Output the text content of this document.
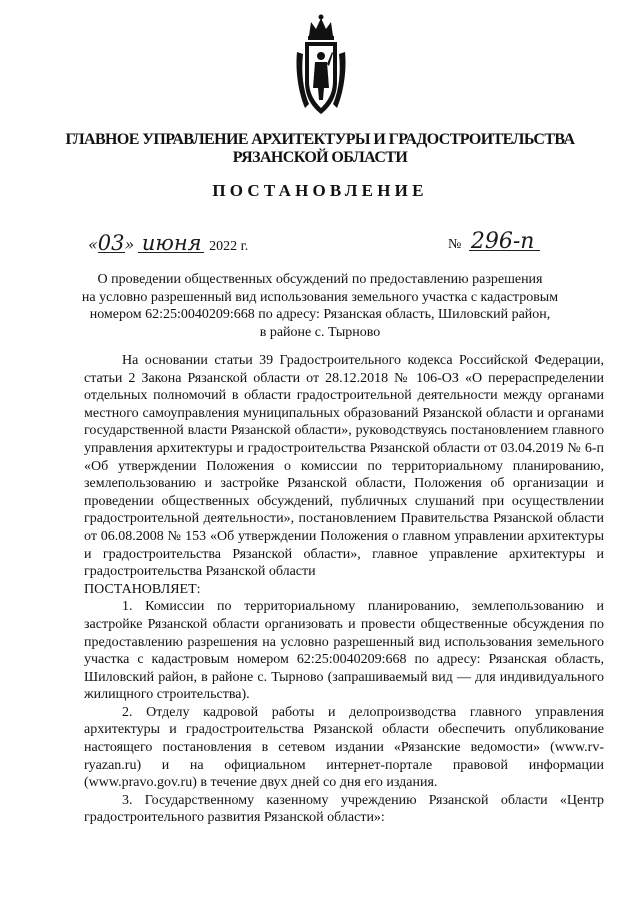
ГЛАВНОЕ УПРАВЛЕНИЕ АРХИТЕКТУРЫ И ГРАДОСТРОИТЕЛЬСТВА
РЯЗАНСКОЙ ОБЛАСТИ
ПОСТАНОВЛЕНИЕ
«03» июня 2022 г.	№ 296-п
О проведении общественных обсуждений по предоставлению разрешения
на условно разрешенный вид использования земельного участка с кадастровым
номером 62:25:0040209:668 по адресу: Рязанская область, Шиловский район,
в районе с. Тырново

На основании статьи 39 Градостроительного кодекса Российской Федерации, статьи 2 Закона Рязанской области от 28.12.2018 № 106-ОЗ «О перераспределении отдельных полномочий в области градостроительной деятельности между органами местного самоуправления муниципальных образований Рязанской области и органами государственной власти Рязанской области», руководствуясь постановлением главного управления архитектуры и градостроительства Рязанской области от 03.04.2019 № 6-п «Об утверждении Положения о комиссии по территориальному планированию, землепользованию и застройке Рязанской области, Положения об организации и проведении общественных обсуждений, публичных слушаний при осуществлении градостроительной деятельности», постановлением Правительства Рязанской области от 06.08.2008 № 153 «Об утверждении Положения о главном управлении архитектуры и градостроительства Рязанской области», главное управление архитектуры и градостроительства Рязанской области

ПОСТАНОВЛЯЕТ:

1. Комиссии по территориальному планированию, землепользованию и застройке Рязанской области организовать и провести общественные обсуждения по предоставлению разрешения на условно разрешенный вид использования земельного участка с кадастровым номером 62:25:0040209:668 по адресу: Рязанская область, Шиловский район, в районе с. Тырново (запрашиваемый вид — для индивидуального жилищного строительства).

2. Отделу кадровой работы и делопроизводства главного управления архитектуры и градостроительства Рязанской области обеспечить опубликование настоящего постановления в сетевом издании «Рязанские ведомости» (www.rv-ryazan.ru) и на официальном интернет-портале правовой информации (www.pravo.gov.ru) в течение двух дней со дня его издания.

3. Государственному казенному учреждению Рязанской области «Центр градостроительного развития Рязанской области»:
